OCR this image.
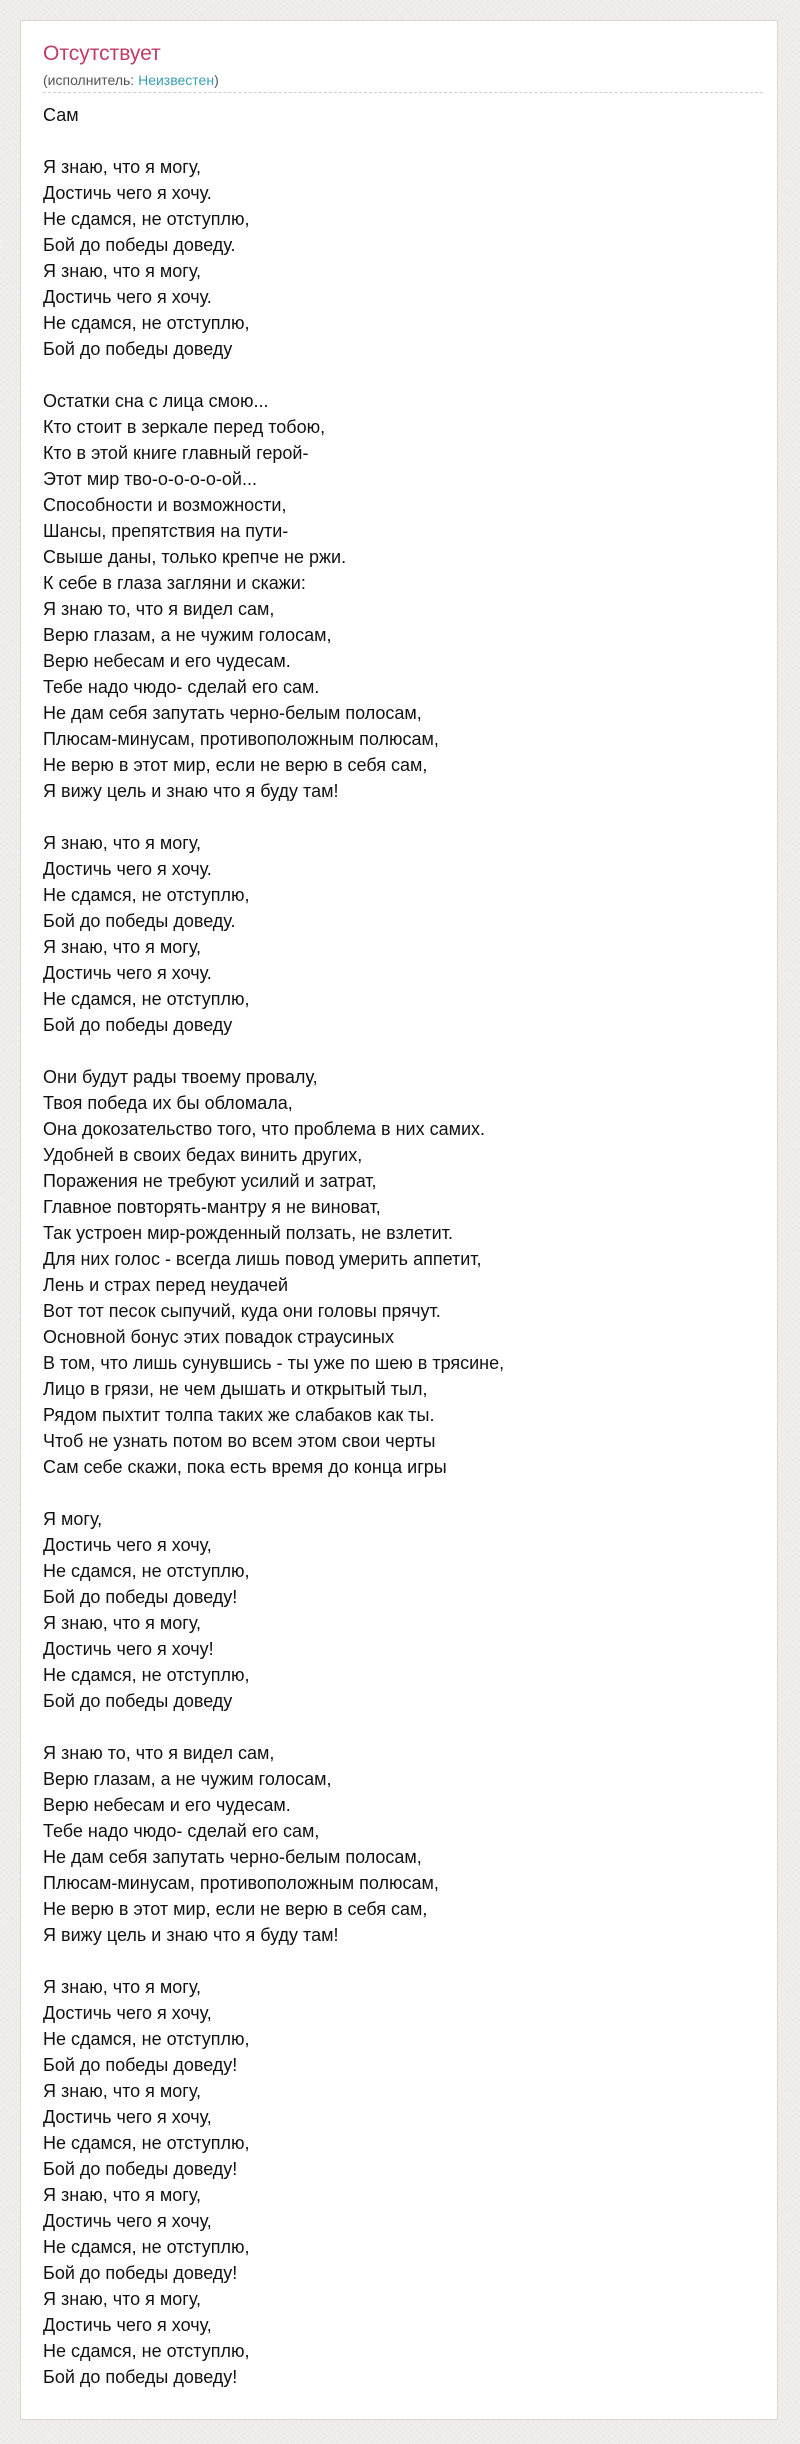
Отсутствует
(исполнитель: Неизвестен)
Сам
Я знаю, что я могу,
Достичь чего я хочу.
Не сдамся, не отступлю,
Бой до победы доведу.
Я знаю, что я могу,
Достичь чего я хочу.
Не сдамся, не отступлю,
Бой до победы доведу
Остатки сна с лица смою...
Кто стоит в зеркале перед тобою,
Кто в этой книге главный герой-
Этот мир тво-о-о-о-о-ой...
Способности и возможности,
Шансы, препятствия на пути-
Свыше даны, только крепче не ржи.
К себе в глаза загляни и скажи:
Я знаю то, что я видел сам,
Верю глазам, а не чужим голосам,
Верю небесам и его чудесам.
Тебе надо чюдо- сделай его сам.
Не дам себя запутать черно-белым полосам,
Плюсам-минусам, противоположным полюсам,
Не верю в этот мир, если не верю в себя сам,
Я вижу цель и знаю что я буду там!
Я знаю, что я могу,
Достичь чего я хочу.
Не сдамся, не отступлю,
Бой до победы доведу.
Я знаю, что я могу,
Достичь чего я хочу.
Не сдамся, не отступлю,
Бой до победы доведу
Они будут рады твоему провалу,
Твоя победа их бы обломала,
Она докозательство того, что проблема в них самих.
Удобней в своих бедах винить других,
Поражения не требуют усилий и затрат,
Главное повторять-мантру я не виноват,
Так устроен мир-рожденный ползать, не взлетит.
Для них голос - всегда лишь повод умерить аппетит,
Лень и страх перед неудачей
Вот тот песок сыпучий, куда они головы прячут.
Основной бонус этих повадок страусиных
В том, что лишь сунувшись - ты уже по шею в трясине,
Лицо в грязи, не чем дышать и открытый тыл,
Рядом пыхтит толпа таких же слабаков как ты.
Чтоб не узнать потом во всем этом свои черты
Сам себе скажи, пока есть время до конца игры
Я могу,
Достичь чего я хочу,
Не сдамся, не отступлю,
Бой до победы доведу!
Я знаю, что я могу,
Достичь чего я хочу!
Не сдамся, не отступлю,
Бой до победы доведу
Я знаю то, что я видел сам,
Верю глазам, а не чужим голосам,
Верю небесам и его чудесам.
Тебе надо чюдо- сделай его сам,
Не дам себя запутать черно-белым полосам,
Плюсам-минусам, противоположным полюсам,
Не верю в этот мир, если не верю в себя сам,
Я вижу цель и знаю что я буду там!
Я знаю, что я могу,
Достичь чего я хочу,
Не сдамся, не отступлю,
Бой до победы доведу!
Я знаю, что я могу,
Достичь чего я хочу,
Не сдамся, не отступлю,
Бой до победы доведу!
Я знаю, что я могу,
Достичь чего я хочу,
Не сдамся, не отступлю,
Бой до победы доведу!
Я знаю, что я могу,
Достичь чего я хочу,
Не сдамся, не отступлю,
Бой до победы доведу!
